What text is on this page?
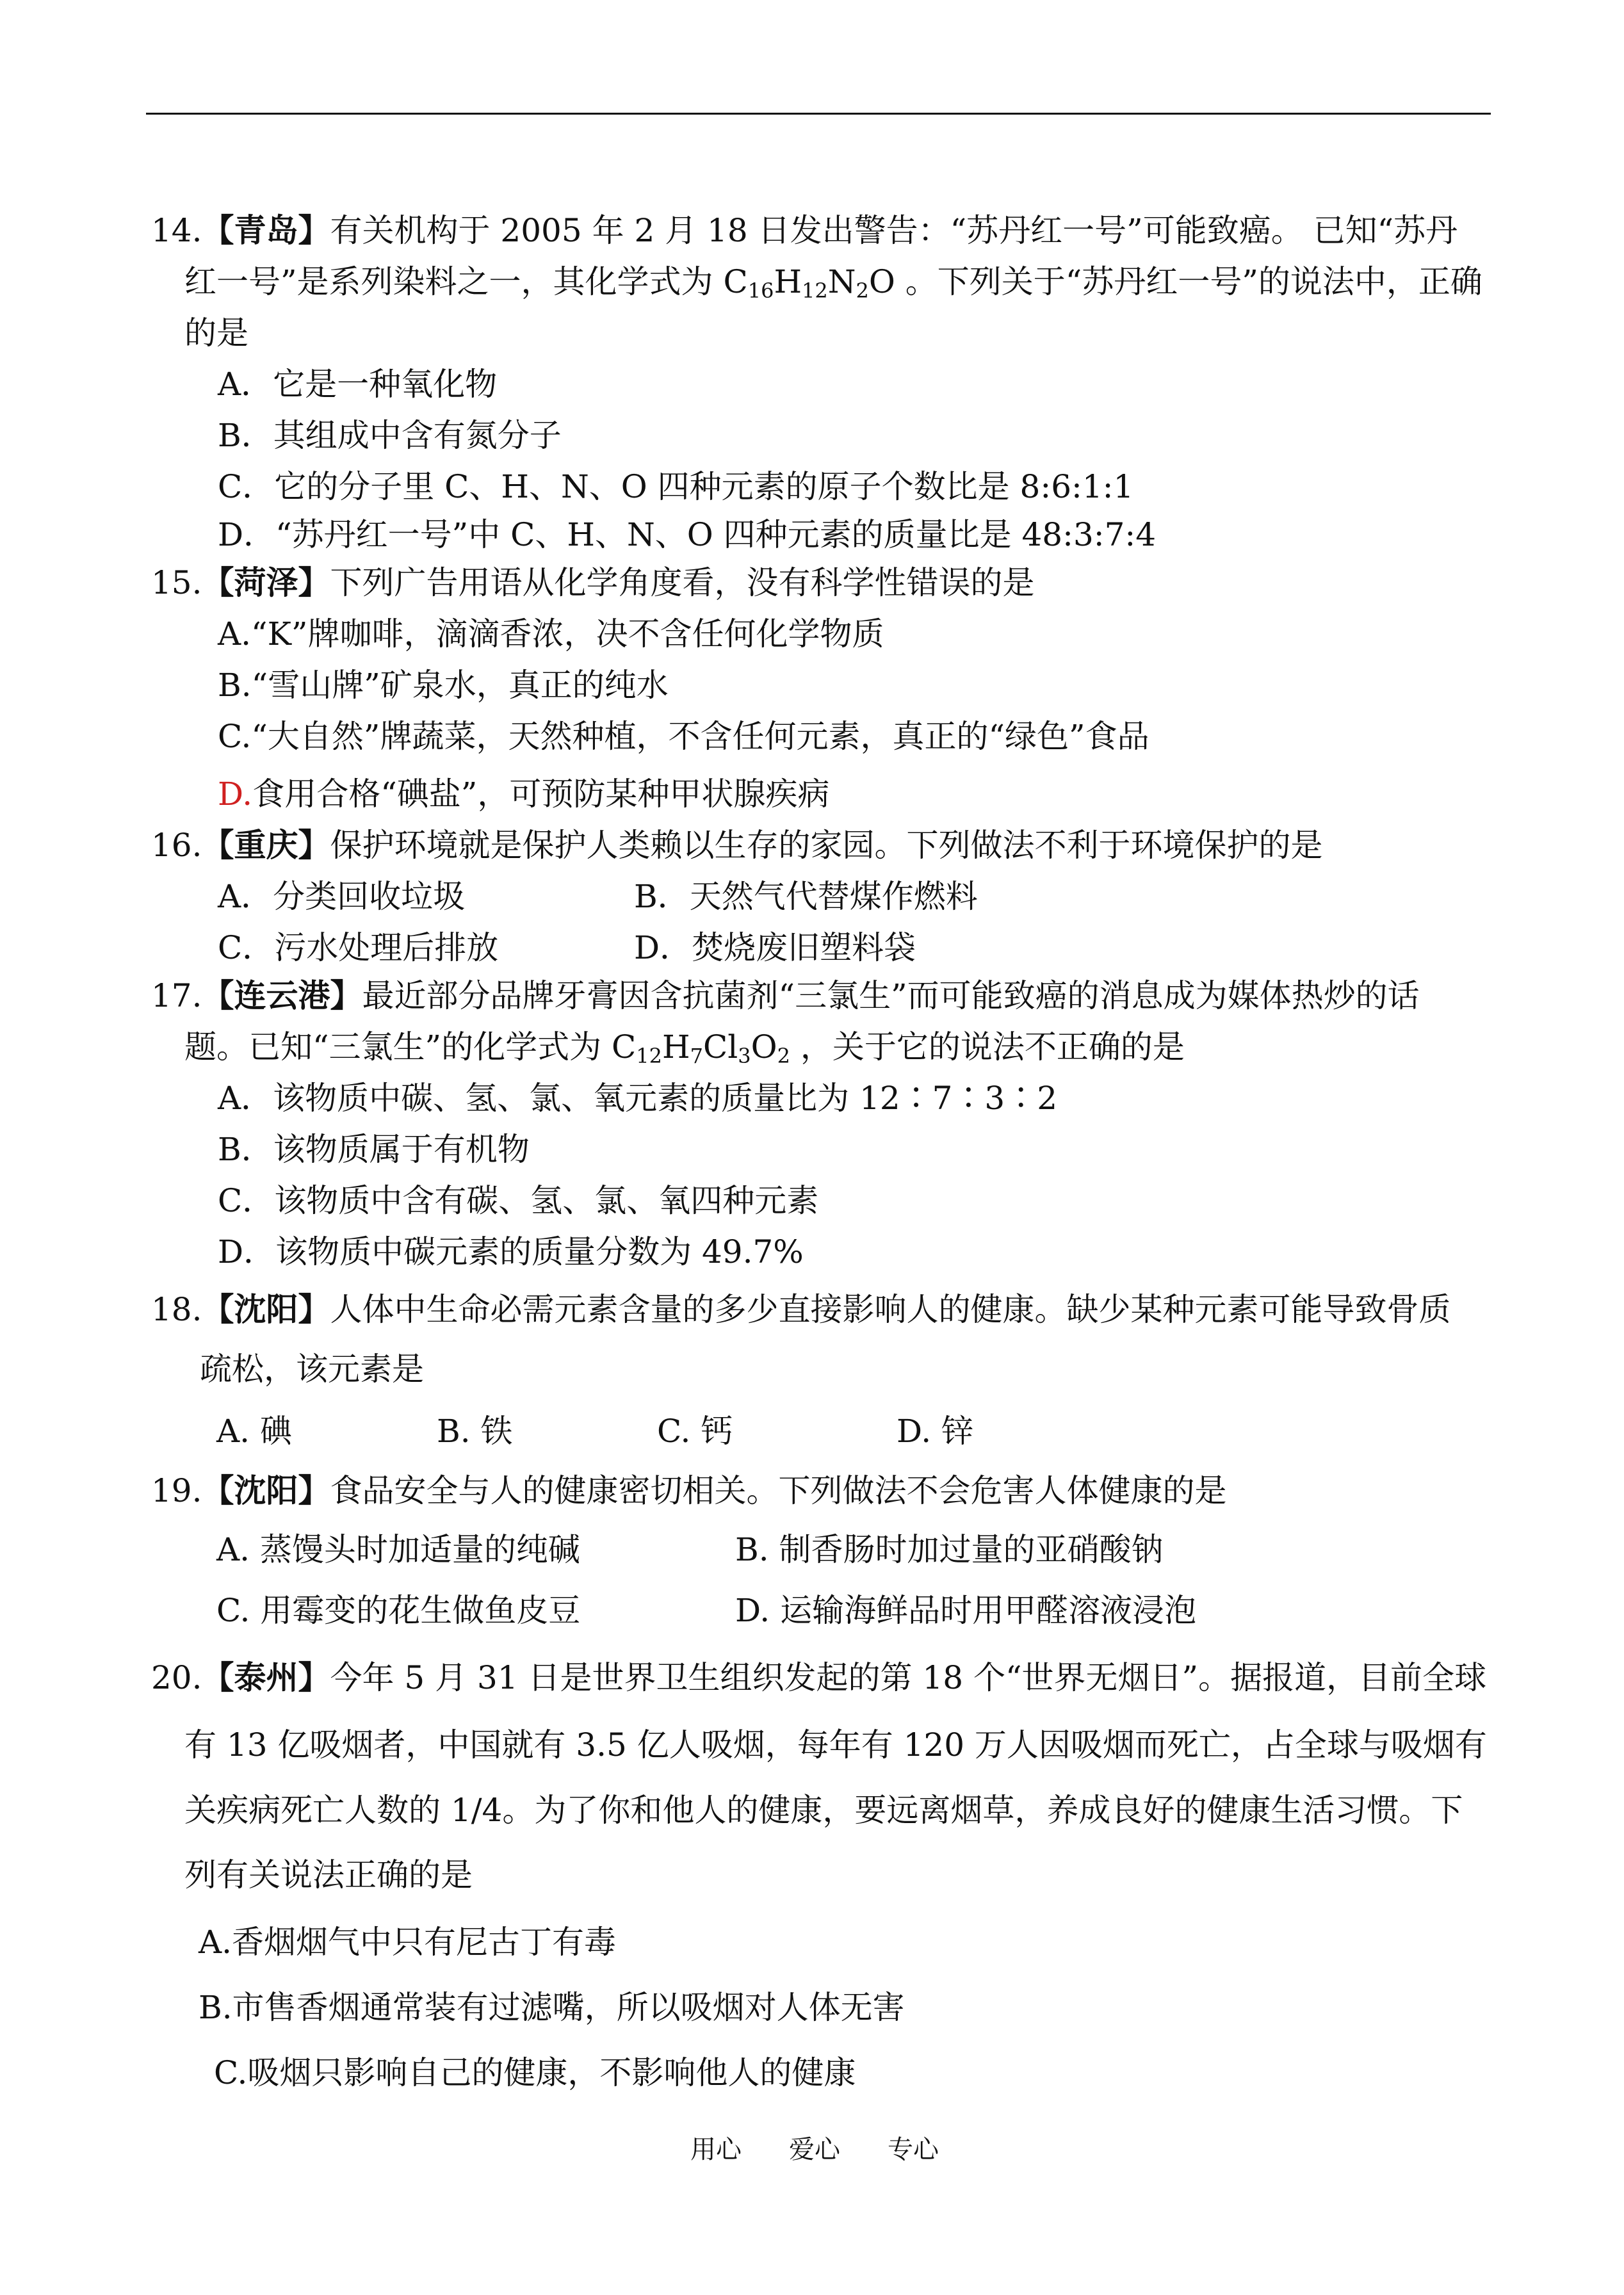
14.【青岛】有关机构于 2005 年 2 月 18 日发出警告：“苏丹红一号”可能致癌。 已知“苏丹
红一号”是系列染料之一，其化学式为 $C_{16}H_{12}N_2O$ 。下列关于“苏丹红一号”的说法中，正确
的是
A．它是一种氧化物
B．其组成中含有氮分子
C．它的分子里 C、H、N、O 四种元素的原子个数比是 8:6:1:1
D．“苏丹红一号”中 C、H、N、O 四种元素的质量比是 48:3:7:4
15.【菏泽】下列广告用语从化学角度看，没有科学性错误的是
A.“K”牌咖啡，滴滴香浓，决不含任何化学物质
B.“雪山牌”矿泉水，真正的纯水
C.“大自然”牌蔬菜，天然种植，不含任何元素，真正的“绿色”食品
D.食用合格“碘盐”，可预防某种甲状腺疾病
16.【重庆】保护环境就是保护人类赖以生存的家园。下列做法不利于环境保护的是
A．分类回收垃圾	B．天然气代替煤作燃料
C．污水处理后排放	D．焚烧废旧塑料袋
17.【连云港】最近部分品牌牙膏因含抗菌剂“三氯生”而可能致癌的消息成为媒体热炒的话
题。已知“三氯生”的化学式为 $C_{12}H_7Cl_3O_2$ ，关于它的说法不正确的是
A．该物质中碳、氢、氯、氧元素的质量比为 12∶7∶3∶2
B．该物质属于有机物
C．该物质中含有碳、氢、氯、氧四种元素
D．该物质中碳元素的质量分数为 49.7%
18.【沈阳】人体中生命必需元素含量的多少直接影响人的健康。缺少某种元素可能导致骨质
疏松，该元素是
A. 碘	B. 铁	C. 钙	D. 锌
19.【沈阳】食品安全与人的健康密切相关。下列做法不会危害人体健康的是
A. 蒸馒头时加适量的纯碱	B. 制香肠时加过量的亚硝酸钠
C. 用霉变的花生做鱼皮豆	D. 运输海鲜品时用甲醛溶液浸泡
20.【泰州】今年 5 月 31 日是世界卫生组织发起的第 18 个“世界无烟日”。据报道，目前全球
有 13 亿吸烟者，中国就有 3.5 亿人吸烟，每年有 120 万人因吸烟而死亡，占全球与吸烟有
关疾病死亡人数的 1/4。为了你和他人的健康，要远离烟草，养成良好的健康生活习惯。下
列有关说法正确的是
A.香烟烟气中只有尼古丁有毒
B.市售香烟通常装有过滤嘴，所以吸烟对人体无害
C.吸烟只影响自己的健康，不影响他人的健康
用心 爱心 专心
